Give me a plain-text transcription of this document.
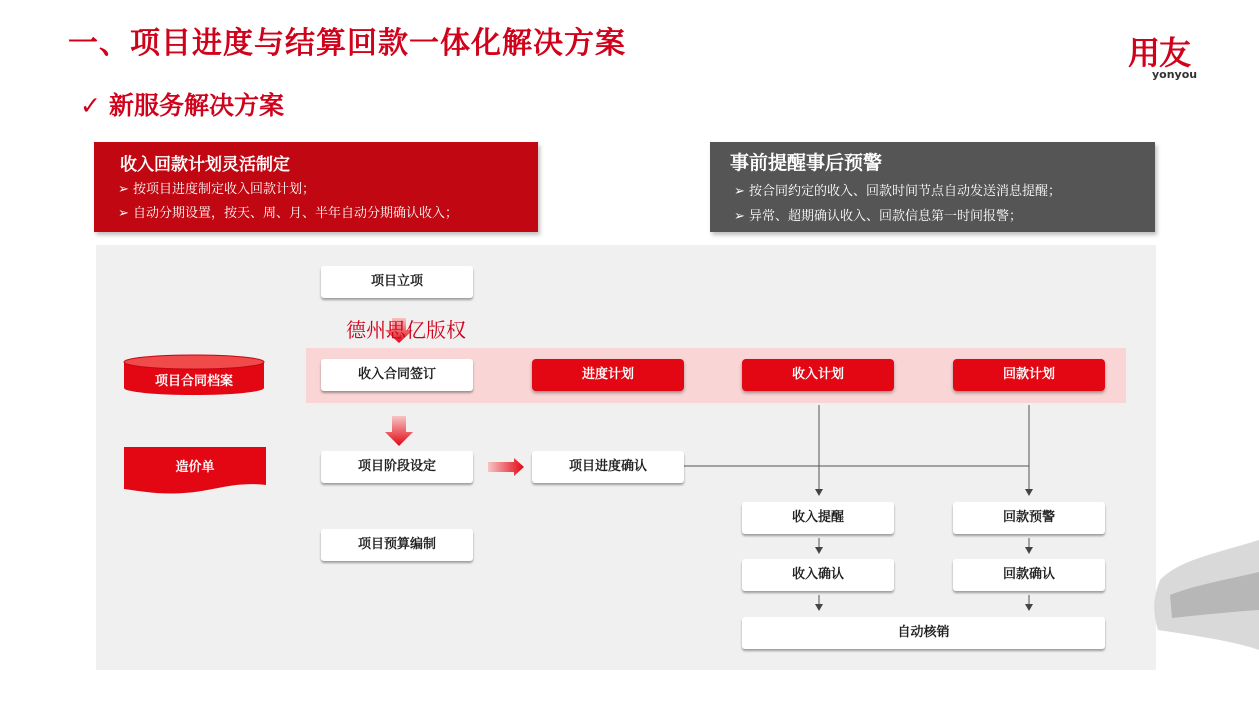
一、项目进度与结算回款一体化解决方案	用友
yonyou
✓ 新服务解决方案
收入回款计划灵活制定
➢ 按项目进度制定收入回款计划；
➢ 自动分期设置，按天、周、月、半年自动分期确认收入；
事前提醒事后预警
➢ 按合同约定的收入、回款时间节点自动发送消息提醒；
➢ 异常、超期确认收入、回款信息第一时间报警；
项目合同档案
造价单
项目立项
德州思亿版权
收入合同签订	进度计划	收入计划	回款计划
项目阶段设定	项目进度确认
项目预算编制
收入提醒	回款预警
收入确认	回款确认
自动核销
